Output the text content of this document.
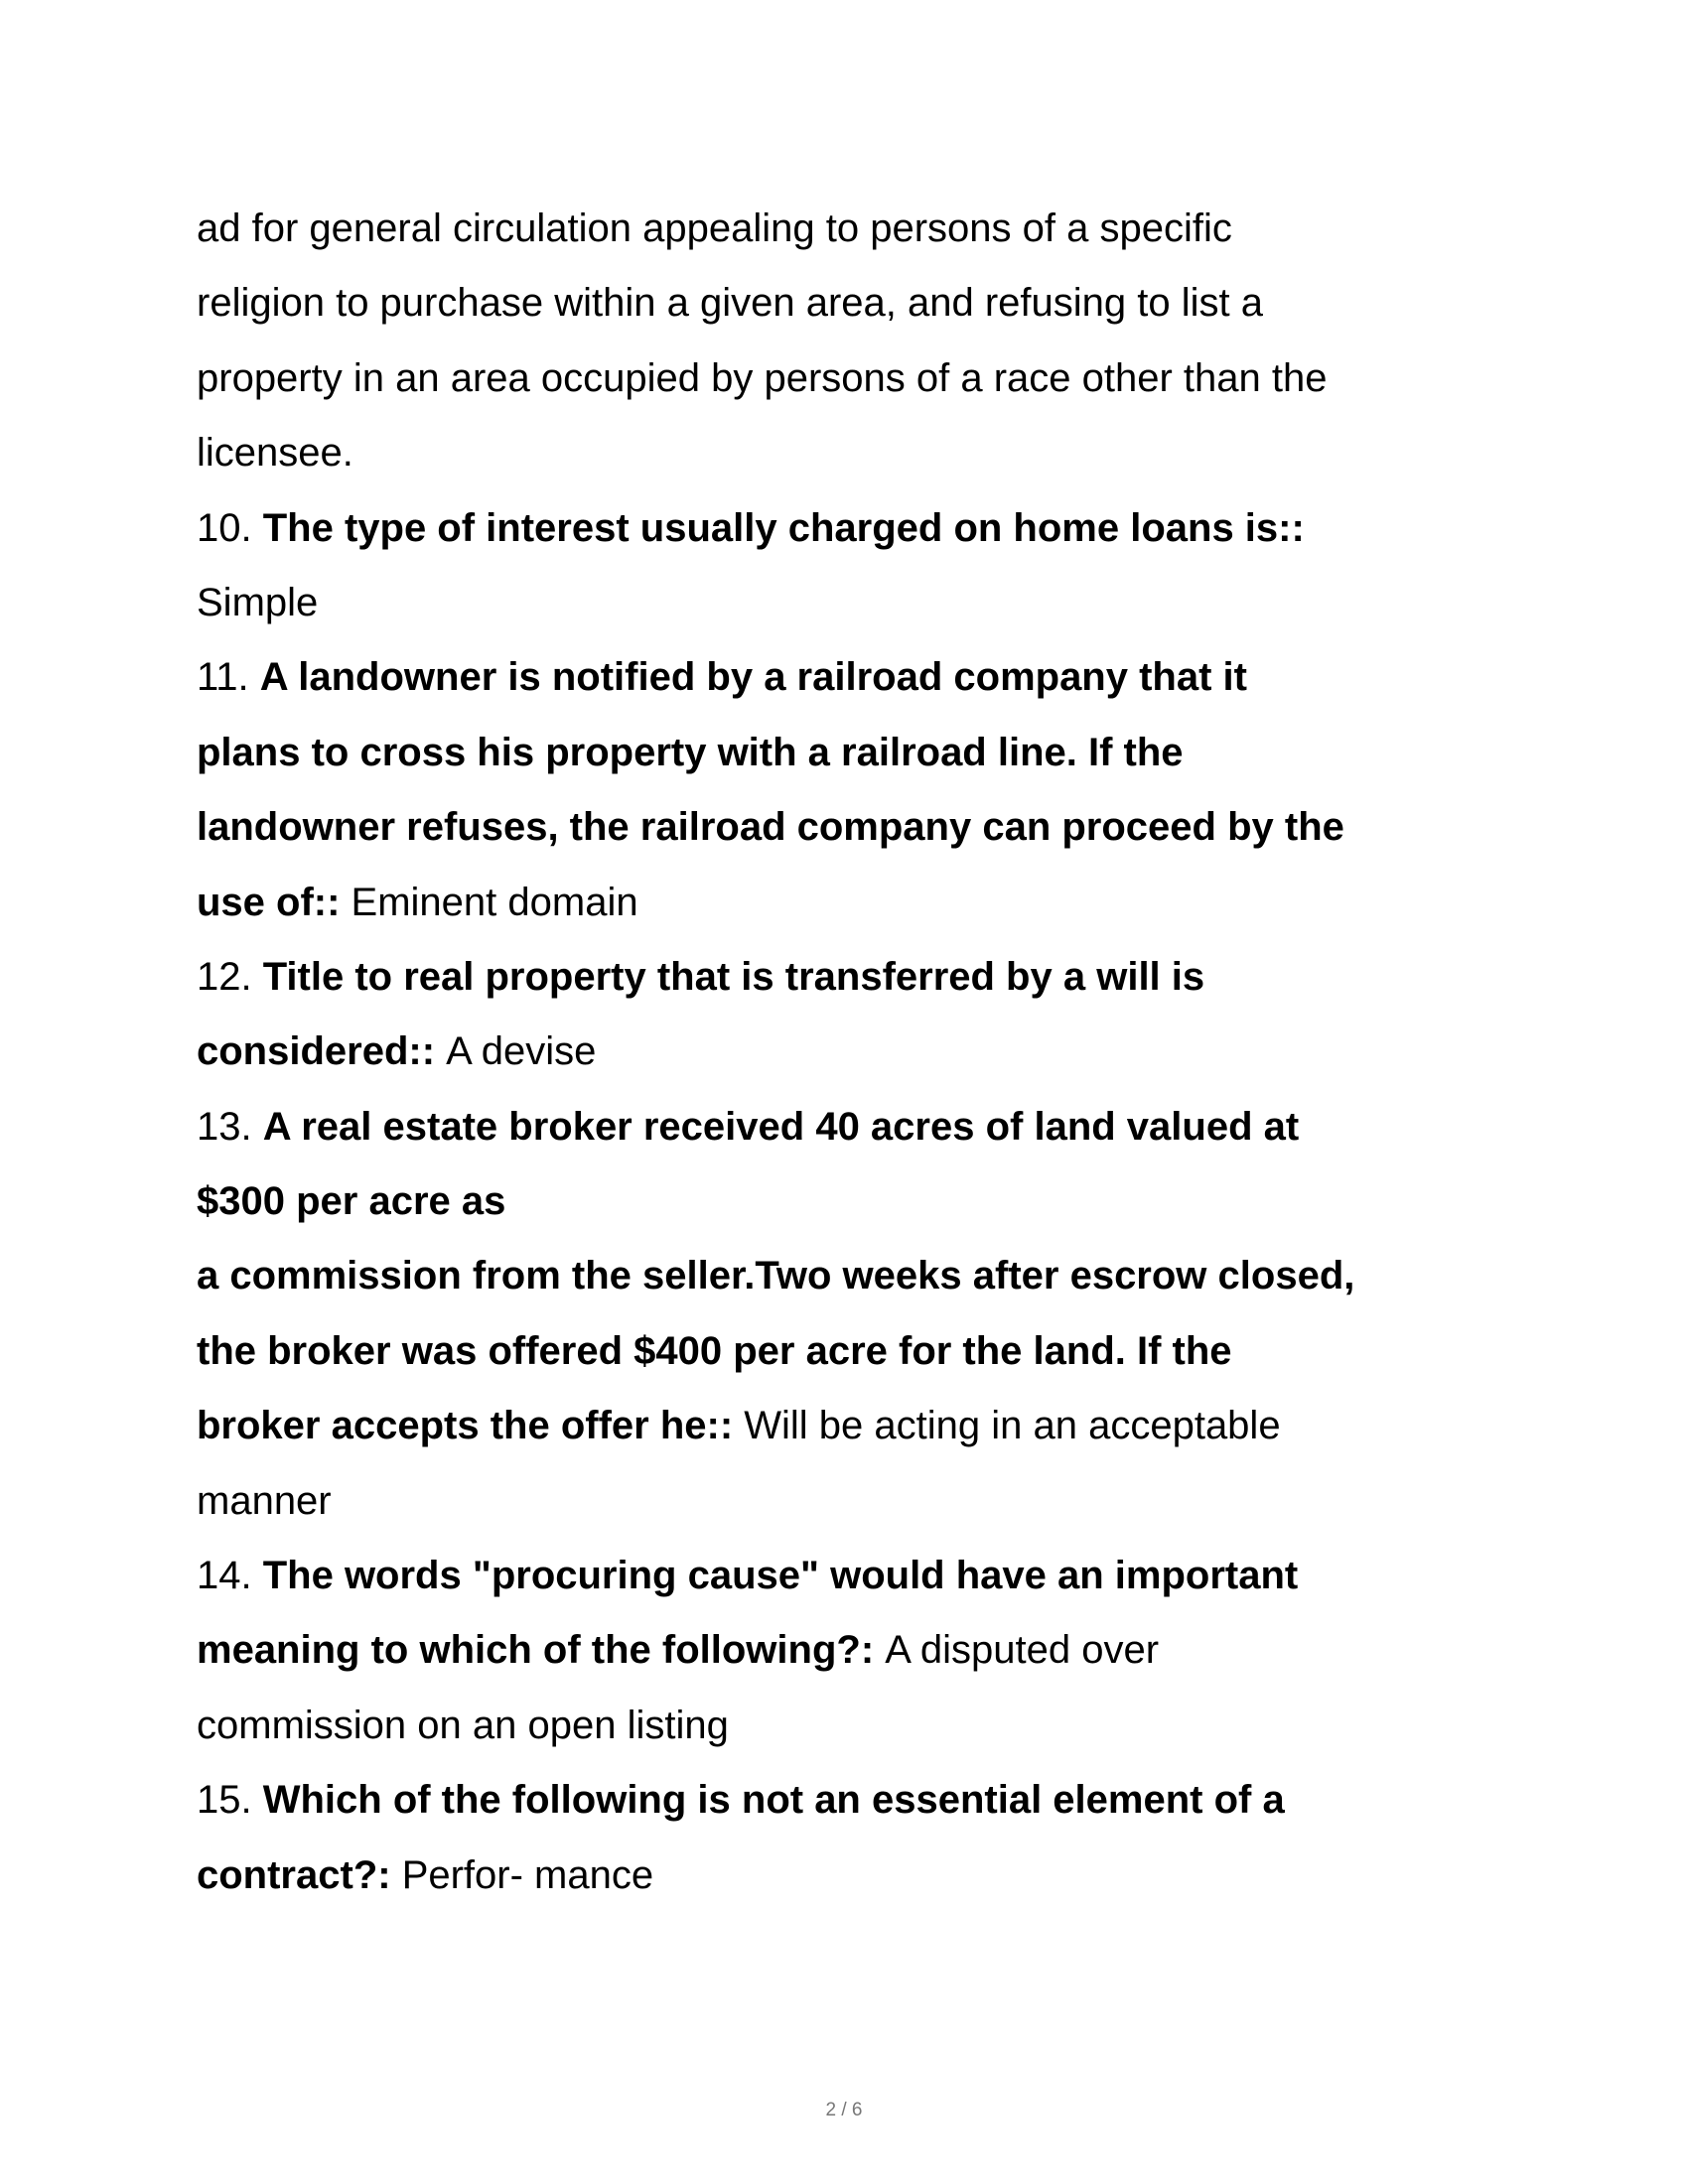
ad for general circulation appealing to persons of a specific
religion to purchase within a given area, and refusing to list a
property in an area occupied by persons of a race other than the
licensee.
10. The type of interest usually charged on home loans is::
Simple
11. A landowner is notified by a railroad company that it
plans to cross his property with a railroad line. If the
landowner refuses, the railroad company can proceed by the
use of:: Eminent domain
12. Title to real property that is transferred by a will is
considered:: A devise
13. A real estate broker received 40 acres of land valued at
$300 per acre as
a commission from the seller.Two weeks after escrow closed,
the broker was offered $400 per acre for the land. If the
broker accepts the offer he:: Will be acting in an acceptable
manner
14. The words "procuring cause" would have an important
meaning to which of the following?: A disputed over
commission on an open listing
15. Which of the following is not an essential element of a
contract?: Perfor- mance
2 / 6
